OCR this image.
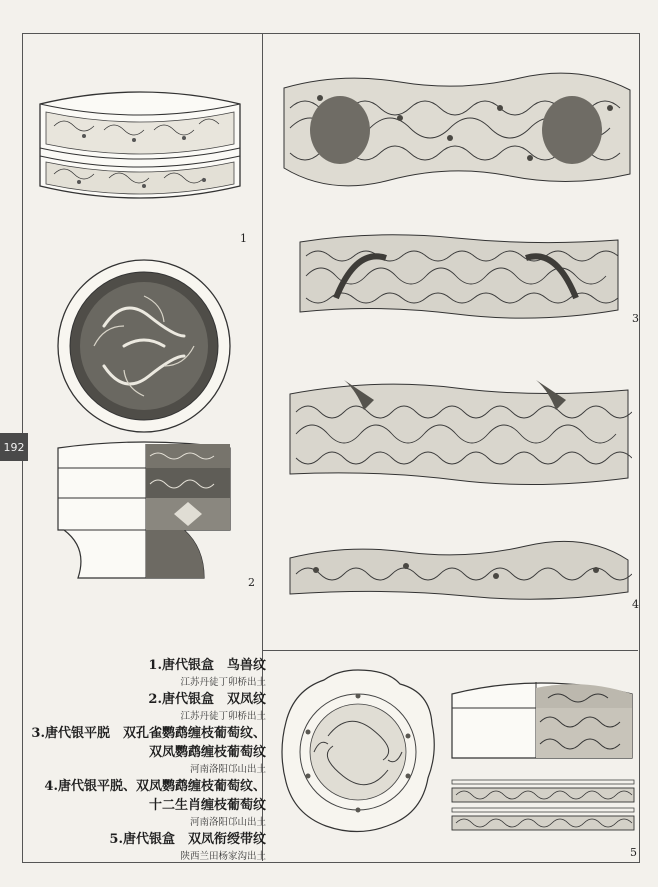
192
1
2
3
4
5
1.唐代银盒　鸟兽纹
江苏丹徒丁卯桥出土
2.唐代银盒　双凤纹
江苏丹徒丁卯桥出土
3.唐代银平脱　双孔雀鹦鹉缠枝葡萄纹、
双凤鹦鹉缠枝葡萄纹
河南洛阳邙山出土
4.唐代银平脱、双凤鹦鹉缠枝葡萄纹、
十二生肖缠枝葡萄纹
河南洛阳邙山出土
5.唐代银盒　双凤衔绶带纹
陕西兰田杨家沟出土
